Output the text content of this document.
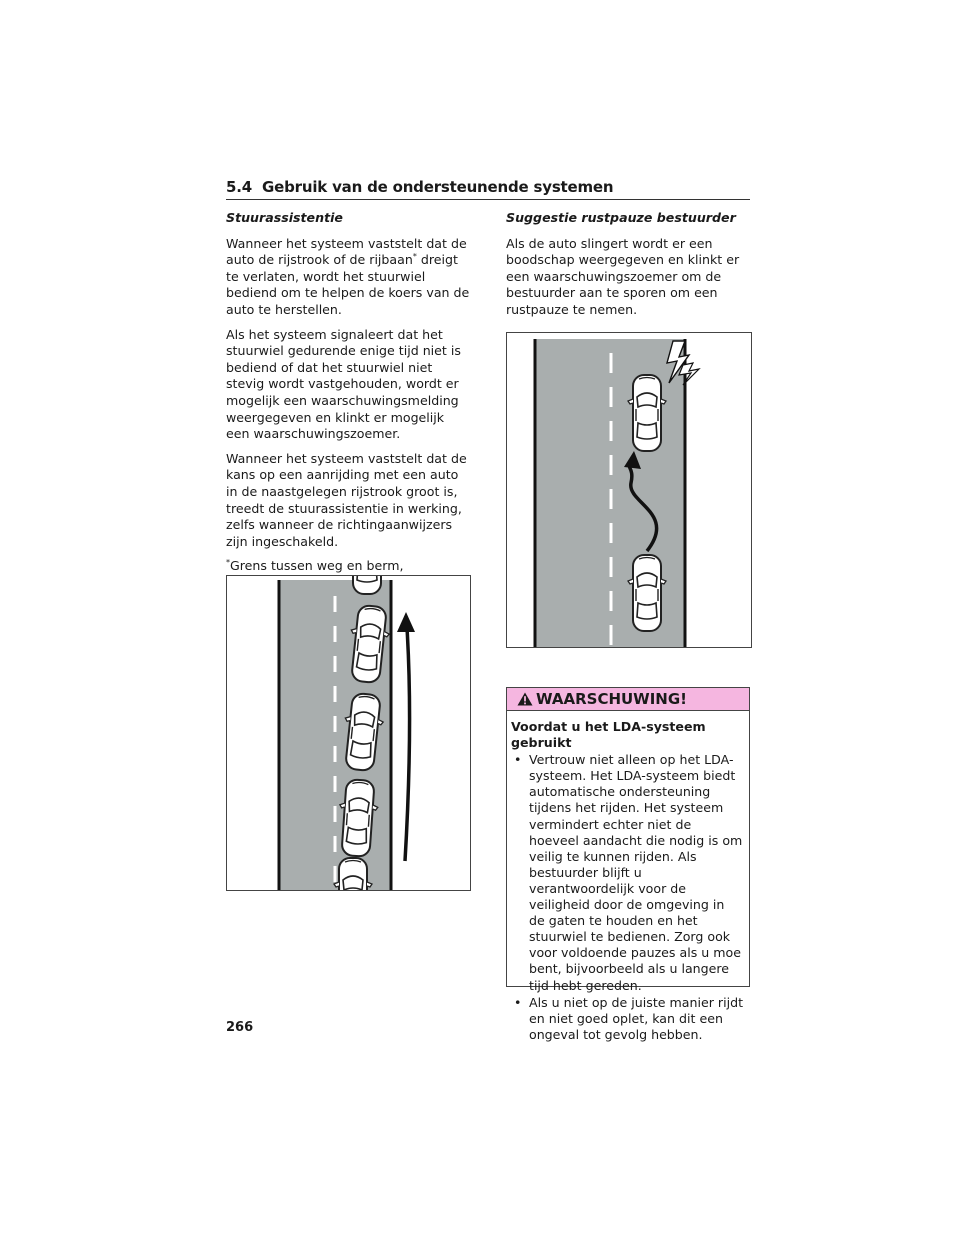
5.4 Gebruik van de ondersteunende systemen
Stuurassistentie

Wanneer het systeem vaststelt dat de auto de rijstrook of de rijbaan* dreigt te verlaten, wordt het stuurwiel bediend om te helpen de koers van de auto te herstellen.

Als het systeem signaleert dat het stuurwiel gedurende enige tijd niet is bediend of dat het stuurwiel niet stevig wordt vastgehouden, wordt er mogelijk een waarschuwingsmelding weergegeven en klinkt er mogelijk een waarschuwingszoemer.

Wanneer het systeem vaststelt dat de kans op een aanrijding met een auto in de naastgelegen rijstrook groot is, treedt de stuurassistentie in werking, zelfs wanneer de richtingaanwijzers zijn ingeschakeld.

*Grens tussen weg en berm,

Suggestie rustpauze bestuurder

Als de auto slingert wordt er een boodschap weergegeven en klinkt er een waarschuwingszoemer om de bestuurder aan te sporen om een rustpauze te nemen.

WAARSCHUWING!
Voordat u het LDA-systeem gebruikt
• Vertrouw niet alleen op het LDA-systeem. Het LDA-systeem biedt automatische ondersteuning tijdens het rijden. Het systeem vermindert echter niet de hoeveel aandacht die nodig is om veilig te kunnen rijden. Als bestuurder blijft u verantwoordelijk voor de veiligheid door de omgeving in de gaten te houden en het stuurwiel te bedienen. Zorg ook voor voldoende pauzes als u moe bent, bijvoorbeeld als u langere tijd hebt gereden.
• Als u niet op de juiste manier rijdt en niet goed oplet, kan dit een ongeval tot gevolg hebben.
266
